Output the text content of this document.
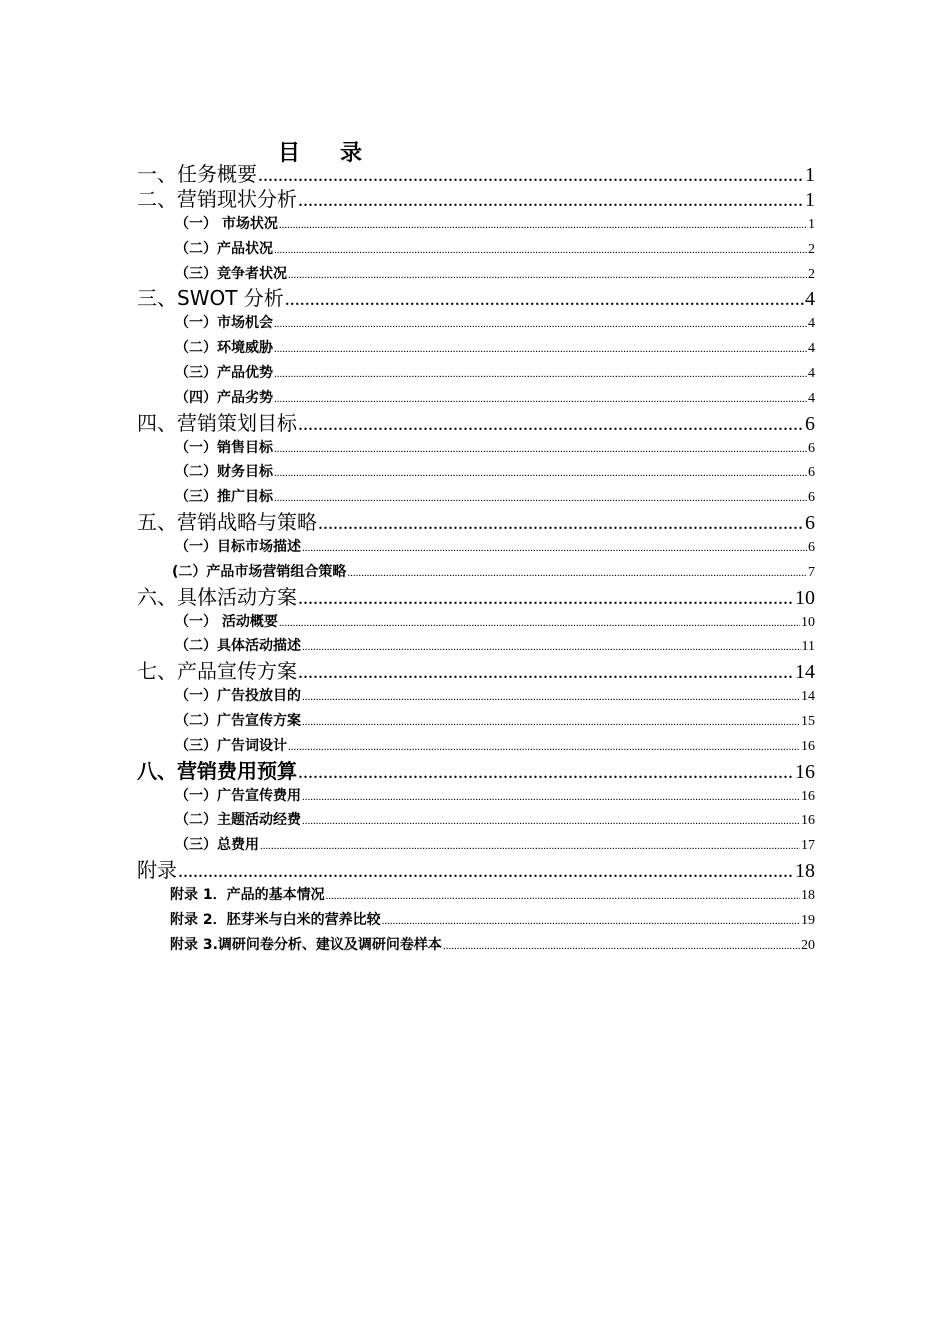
目 录
一、任务概要 .....	1
二、营销现状分析 .....	1
（一） 市场状况 .....	1
（二）产品状况 .....	2
（三）竞争者状况 .....	2
三、SWOT 分析 .....	4
（一）市场机会 .....	4
（二）环境威胁 .....	4
（三）产品优势 .....	4
（四）产品劣势 .....	4
四、营销策划目标 .....	6
（一）销售目标 .....	6
（二）财务目标 .....	6
（三）推广目标 .....	6
五、营销战略与策略 .....	6
（一）目标市场描述 .....	6
(二）产品市场营销组合策略 .....	7
六、具体活动方案 .....	10
（一） 活动概要 .....	10
（二）具体活动描述 .....	11
七、产品宣传方案 .....	14
（一）广告投放目的 .....	14
（二）广告宣传方案 .....	15
（三）广告词设计 .....	16
八、营销费用预算 .....	16
（一）广告宣传费用 .....	16
（二）主题活动经费 .....	16
（三）总费用 .....	17
附录 .....	18
附录 1．产品的基本情况 .....	18
附录 2．胚芽米与白米的营养比较 .....	19
附录 3.调研问卷分析、建议及调研问卷样本 .....	20
